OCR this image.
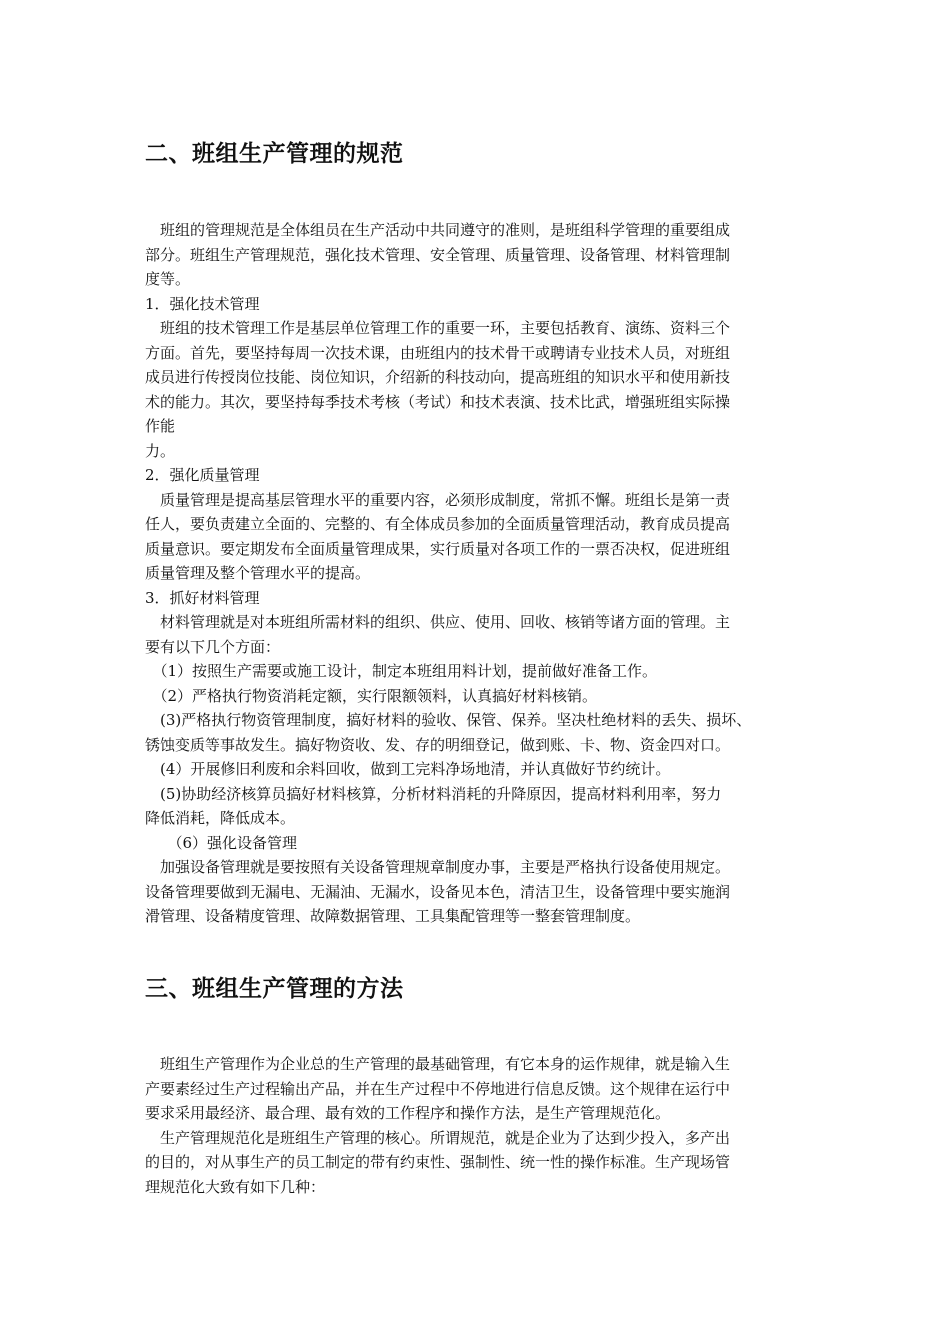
二、班组生产管理的规范

　班组的管理规范是全体组员在生产活动中共同遵守的准则，是班组科学管理的重要组成

部分。班组生产管理规范，强化技术管理、安全管理、质量管理、设备管理、材料管理制

度等。

1．强化技术管理

　班组的技术管理工作是基层单位管理工作的重要一环，主要包括教育、演练、资料三个

方面。首先，要坚持每周一次技术课，由班组内的技术骨干或聘请专业技术人员，对班组

成员进行传授岗位技能、岗位知识，介绍新的科技动向，提高班组的知识水平和使用新技

术的能力。其次，要坚持每季技术考核（考试）和技术表演、技术比武，增强班组实际操

作能

力。

2．强化质量管理

　质量管理是提高基层管理水平的重要内容，必须形成制度，常抓不懈。班组长是第一责

任人，要负责建立全面的、完整的、有全体成员参加的全面质量管理活动，教育成员提高

质量意识。要定期发布全面质量管理成果，实行质量对各项工作的一票否决权，促进班组

质量管理及整个管理水平的提高。

3．抓好材料管理

　材料管理就是对本班组所需材料的组织、供应、使用、回收、核销等诸方面的管理。主

要有以下几个方面：

　（1）按照生产需要或施工设计，制定本班组用料计划，提前做好准备工作。

　（2）严格执行物资消耗定额，实行限额领料，认真搞好材料核销。

　(3)严格执行物资管理制度，搞好材料的验收、保管、保养。坚决杜绝材料的丢失、损坏、

锈蚀变质等事故发生。搞好物资收、发、存的明细登记，做到账、卡、物、资金四对口。

　(4）开展修旧利废和余料回收，做到工完料净场地清，并认真做好节约统计。

　(5)协助经济核算员搞好材料核算，分析材料消耗的升降原因，提高材料利用率，努力

降低消耗，降低成本。

　　（6）强化设备管理

　加强设备管理就是要按照有关设备管理规章制度办事，主要是严格执行设备使用规定。

设备管理要做到无漏电、无漏油、无漏水，设备见本色，清洁卫生，设备管理中要实施润

滑管理、设备精度管理、故障数据管理、工具集配管理等一整套管理制度。

三、班组生产管理的方法

　班组生产管理作为企业总的生产管理的最基础管理，有它本身的运作规律，就是输入生

产要素经过生产过程输出产品，并在生产过程中不停地进行信息反馈。这个规律在运行中

要求采用最经济、最合理、最有效的工作程序和操作方法，是生产管理规范化。

　生产管理规范化是班组生产管理的核心。所谓规范，就是企业为了达到少投入，多产出

的目的，对从事生产的员工制定的带有约束性、强制性、统一性的操作标准。生产现场管

理规范化大致有如下几种：
